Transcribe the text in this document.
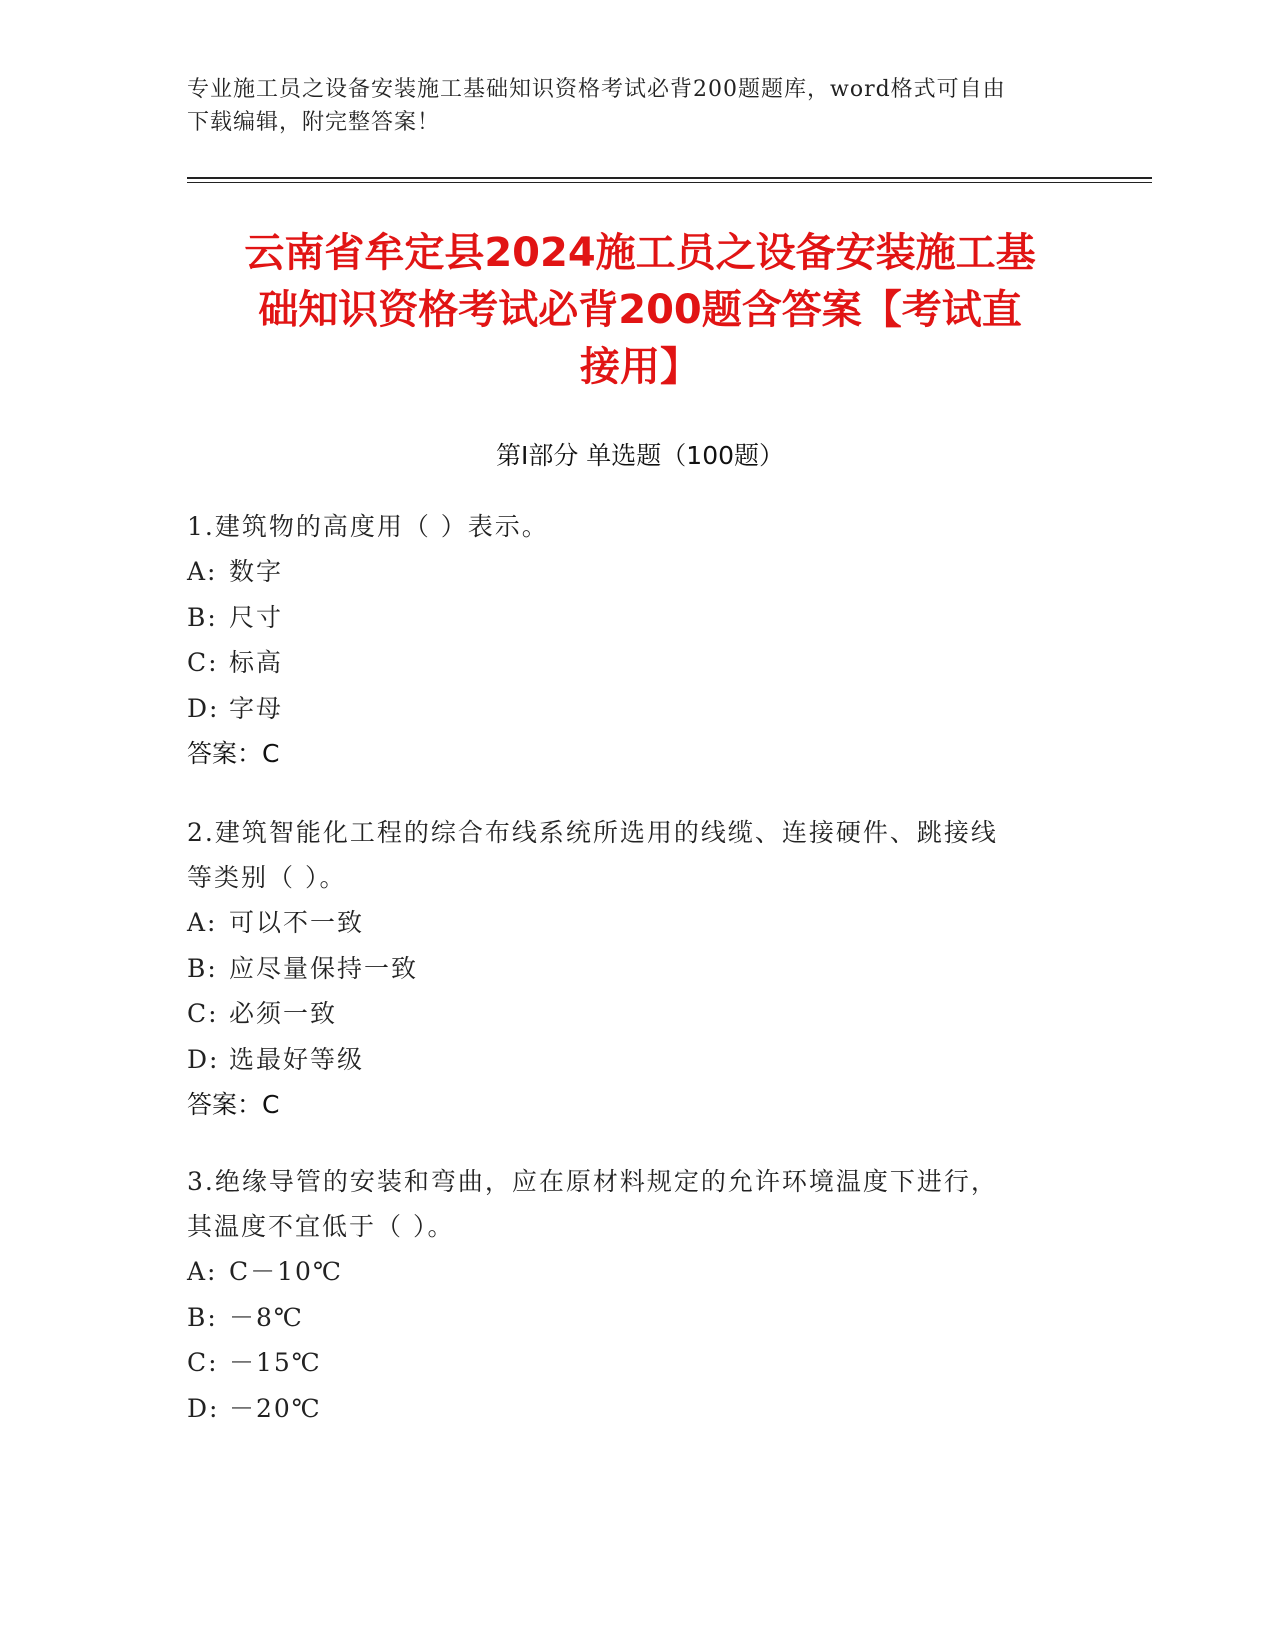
专业施工员之设备安装施工基础知识资格考试必背200题题库，word格式可自由
下载编辑，附完整答案！
云南省牟定县2024施工员之设备安装施工基
础知识资格考试必背200题含答案【考试直
接用】
第Ⅰ部分 单选题（100题）
1.建筑物的高度用（ ）表示。
A: 数字
B: 尺寸
C: 标高
D: 字母
答案：C
2.建筑智能化工程的综合布线系统所选用的线缆、连接硬件、跳接线
等类别（ ）。
A: 可以不一致
B: 应尽量保持一致
C: 必须一致
D: 选最好等级
答案：C
3.绝缘导管的安装和弯曲，应在原材料规定的允许环境温度下进行，
其温度不宜低于（ ）。
A: C－10℃
B: －8℃
C: －15℃
D: －20℃
